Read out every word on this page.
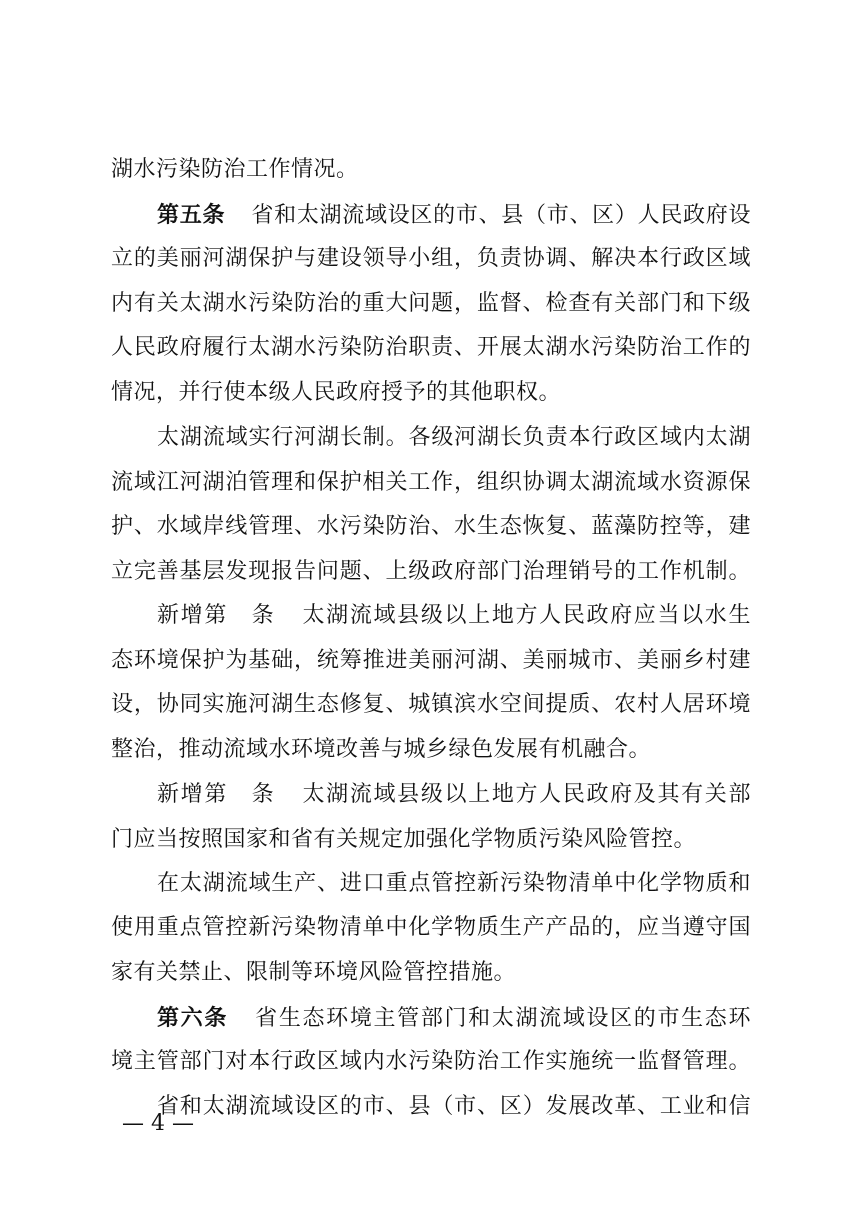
湖水污染防治工作情况。
第五条 省和太湖流域设区的市、县（市、区）人民政府设
立的美丽河湖保护与建设领导小组，负责协调、解决本行政区域
内有关太湖水污染防治的重大问题，监督、检查有关部门和下级
人民政府履行太湖水污染防治职责、开展太湖水污染防治工作的
情况，并行使本级人民政府授予的其他职权。
太湖流域实行河湖长制。各级河湖长负责本行政区域内太湖
流域江河湖泊管理和保护相关工作，组织协调太湖流域水资源保
护、水域岸线管理、水污染防治、水生态恢复、蓝藻防控等，建
立完善基层发现报告问题、上级政府部门治理销号的工作机制。
新增第　条 太湖流域县级以上地方人民政府应当以水生
态环境保护为基础，统筹推进美丽河湖、美丽城市、美丽乡村建
设，协同实施河湖生态修复、城镇滨水空间提质、农村人居环境
整治，推动流域水环境改善与城乡绿色发展有机融合。
新增第　条 太湖流域县级以上地方人民政府及其有关部
门应当按照国家和省有关规定加强化学物质污染风险管控。
在太湖流域生产、进口重点管控新污染物清单中化学物质和
使用重点管控新污染物清单中化学物质生产产品的，应当遵守国
家有关禁止、限制等环境风险管控措施。
第六条 省生态环境主管部门和太湖流域设区的市生态环
境主管部门对本行政区域内水污染防治工作实施统一监督管理。
省和太湖流域设区的市、县（市、区）发展改革、工业和信
— 4 —
